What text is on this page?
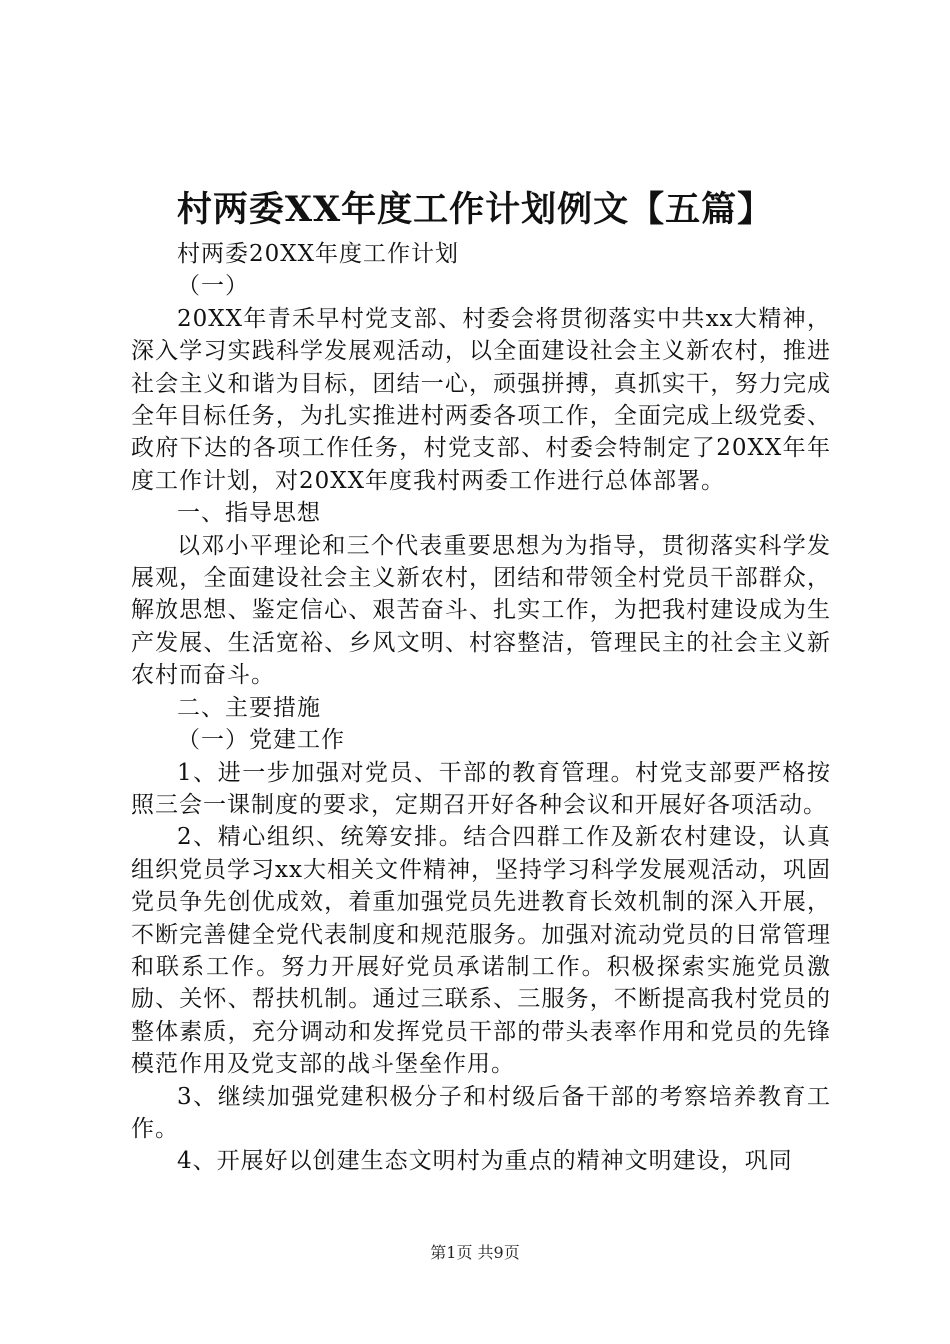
村两委XX年度工作计划例文【五篇】

村两委20XX年度工作计划

（一）

20XX年青禾早村党支部、村委会将贯彻落实中共xx大精神，深入学习实践科学发展观活动，以全面建设社会主义新农村，推进社会主义和谐为目标，团结一心，顽强拼搏，真抓实干，努力完成全年目标任务，为扎实推进村两委各项工作，全面完成上级党委、政府下达的各项工作任务，村党支部、村委会特制定了20XX年年度工作计划，对20XX年度我村两委工作进行总体部署。

一、指导思想

以邓小平理论和三个代表重要思想为为指导，贯彻落实科学发展观，全面建设社会主义新农村，团结和带领全村党员干部群众，解放思想、鉴定信心、艰苦奋斗、扎实工作，为把我村建设成为生产发展、生活宽裕、乡风文明、村容整洁，管理民主的社会主义新农村而奋斗。

二、主要措施

（一）党建工作

1、进一步加强对党员、干部的教育管理。村党支部要严格按照三会一课制度的要求，定期召开好各种会议和开展好各项活动。

2、精心组织、统筹安排。结合四群工作及新农村建设，认真组织党员学习xx大相关文件精神，坚持学习科学发展观活动，巩固党员争先创优成效，着重加强党员先进教育长效机制的深入开展，不断完善健全党代表制度和规范服务。加强对流动党员的日常管理和联系工作。努力开展好党员承诺制工作。积极探索实施党员激励、关怀、帮扶机制。通过三联系、三服务，不断提高我村党员的整体素质，充分调动和发挥党员干部的带头表率作用和党员的先锋模范作用及党支部的战斗堡垒作用。

3、继续加强党建积极分子和村级后备干部的考察培养教育工作。

4、开展好以创建生态文明村为重点的精神文明建设，巩同

第1页 共9页
